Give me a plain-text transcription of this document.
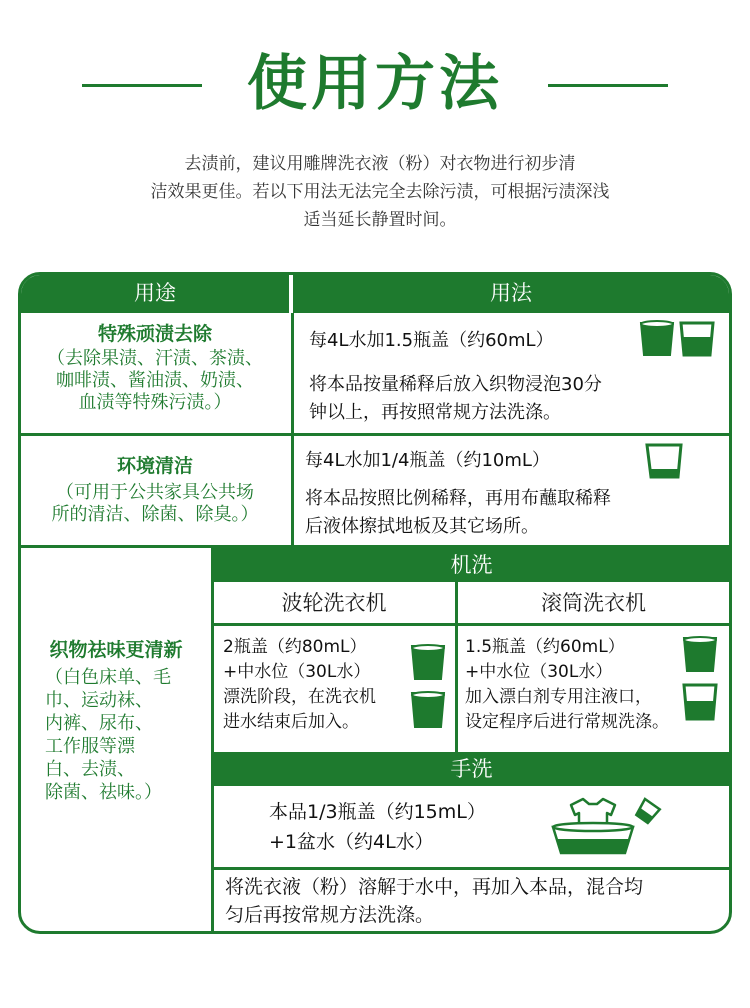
使用方法
去渍前，建议用雕牌洗衣液（粉）对衣物进行初步清
洁效果更佳。若以下用法无法完全去除污渍，可根据污渍深浅
适当延长静置时间。
用途	用法
特殊顽渍去除
（去除果渍、汗渍、茶渍、
咖啡渍、酱油渍、奶渍、
血渍等特殊污渍。）
每4L水加1.5瓶盖（约60mL）
将本品按量稀释后放入织物浸泡30分
钟以上，再按照常规方法洗涤。
环境清洁
（可用于公共家具公共场
所的清洁、除菌、除臭。）
每4L水加1/4瓶盖（约10mL）
将本品按照比例稀释，再用布蘸取稀释
后液体擦拭地板及其它场所。
织物祛味更清新
（白色床单、毛
巾、运动袜、
内裤、尿布、
工作服等漂
白、去渍、
除菌、祛味。）
机洗
波轮洗衣机	滚筒洗衣机
2瓶盖（约80mL）
+中水位（30L水）
漂洗阶段，在洗衣机
进水结束后加入。
1.5瓶盖（约60mL）
+中水位（30L水）
加入漂白剂专用注液口，
设定程序后进行常规洗涤。
手洗
本品1/3瓶盖（约15mL）
+1盆水（约4L水）
将洗衣液（粉）溶解于水中，再加入本品，混合均
匀后再按常规方法洗涤。
